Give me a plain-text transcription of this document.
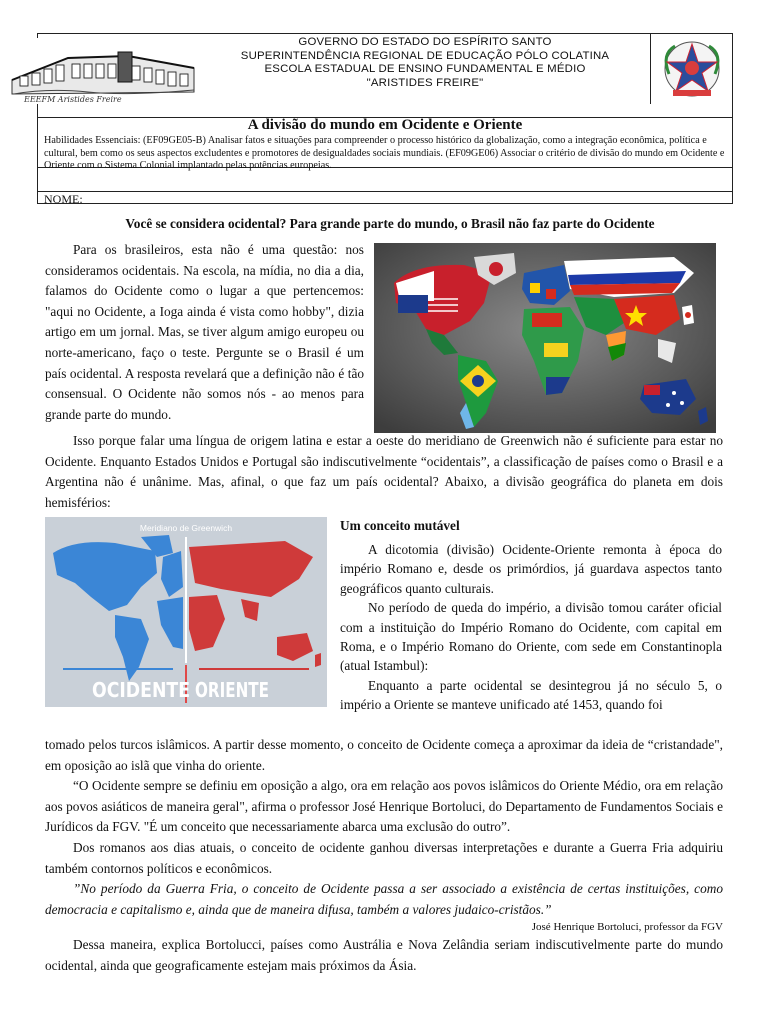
EEEFM Aristides Freire
GOVERNO DO ESTADO DO ESPÍRITO SANTO
SUPERINTENDÊNCIA REGIONAL DE EDUCAÇÃO PÓLO COLATINA
ESCOLA ESTADUAL DE ENSINO FUNDAMENTAL E MÉDIO
"ARISTIDES FREIRE"
A divisão do mundo em Ocidente e Oriente
Habilidades Essenciais: (EF09GE05-B) Analisar fatos e situações para compreender o processo histórico da globalização, como a integração econômica, política e cultural, bem como os seus aspectos excludentes e promotores de desigualdades sociais mundiais. (EF09GE06) Associar o critério de divisão do mundo em Ocidente e Oriente com o Sistema Colonial implantado pelas potências europeias.
NOME:
Você se considera ocidental? Para grande parte do mundo, o Brasil não faz parte do Ocidente

Para os brasileiros, esta não é uma questão: nos consideramos ocidentais. Na escola, na mídia, no dia a dia, falamos do Ocidente como o lugar a que pertencemos: "aqui no Ocidente, a Ioga ainda é vista como hobby", dizia artigo em um jornal. Mas, se tiver algum amigo europeu ou norte-americano, faço o teste. Pergunte se o Brasil é um país ocidental. A resposta revelará que a definição não é tão consensual. O Ocidente não somos nós - ao menos para grande parte do mundo.

Isso porque falar uma língua de origem latina e estar a oeste do meridiano de Greenwich não é suficiente para estar no Ocidente. Enquanto Estados Unidos e Portugal são indiscutivelmente “ocidentais”, a classificação de países como o Brasil e a Argentina não é unânime. Mas, afinal, o que faz um país ocidental? Abaixo, a divisão geográfica do planeta em dois hemisférios:

Meridiano de Greenwich
OCIDENTE ORIENTE
Um conceito mutável

A dicotomia (divisão) Ocidente-Oriente remonta à época do império Romano e, desde os primórdios, já guardava aspectos tanto geográficos quanto culturais.

No período de queda do império, a divisão tomou caráter oficial com a instituição do Império Romano do Ocidente, com capital em Roma, e o Império Romano do Oriente, com sede em Constantinopla (atual Istambul):

Enquanto a parte ocidental se desintegrou já no século 5, o império a Oriente se manteve unificado até 1453, quando foi

tomado pelos turcos islâmicos. A partir desse momento, o conceito de Ocidente começa a aproximar da ideia de “cristandade", em oposição ao islã que vinha do oriente.

“O Ocidente sempre se definiu em oposição a algo, ora em relação aos povos islâmicos do Oriente Médio, ora em relação aos povos asiáticos de maneira geral", afirma o professor José Henrique Bortoluci, do Departamento de Fundamentos Sociais e Jurídicos da FGV. "É um conceito que necessariamente abarca uma exclusão do outro”.

Dos romanos aos dias atuais, o conceito de ocidente ganhou diversas interpretações e durante a Guerra Fria adquiriu também contornos políticos e econômicos.

”No período da Guerra Fria, o conceito de Ocidente passa a ser associado a existência de certas instituições, como democracia e capitalismo e, ainda que de maneira difusa, também a valores judaico-cristãos.”

José Henrique Bortoluci, professor da FGV

Dessa maneira, explica Bortolucci, países como Austrália e Nova Zelândia seriam indiscutivelmente parte do mundo ocidental, ainda que geograficamente estejam mais próximos da Ásia.
